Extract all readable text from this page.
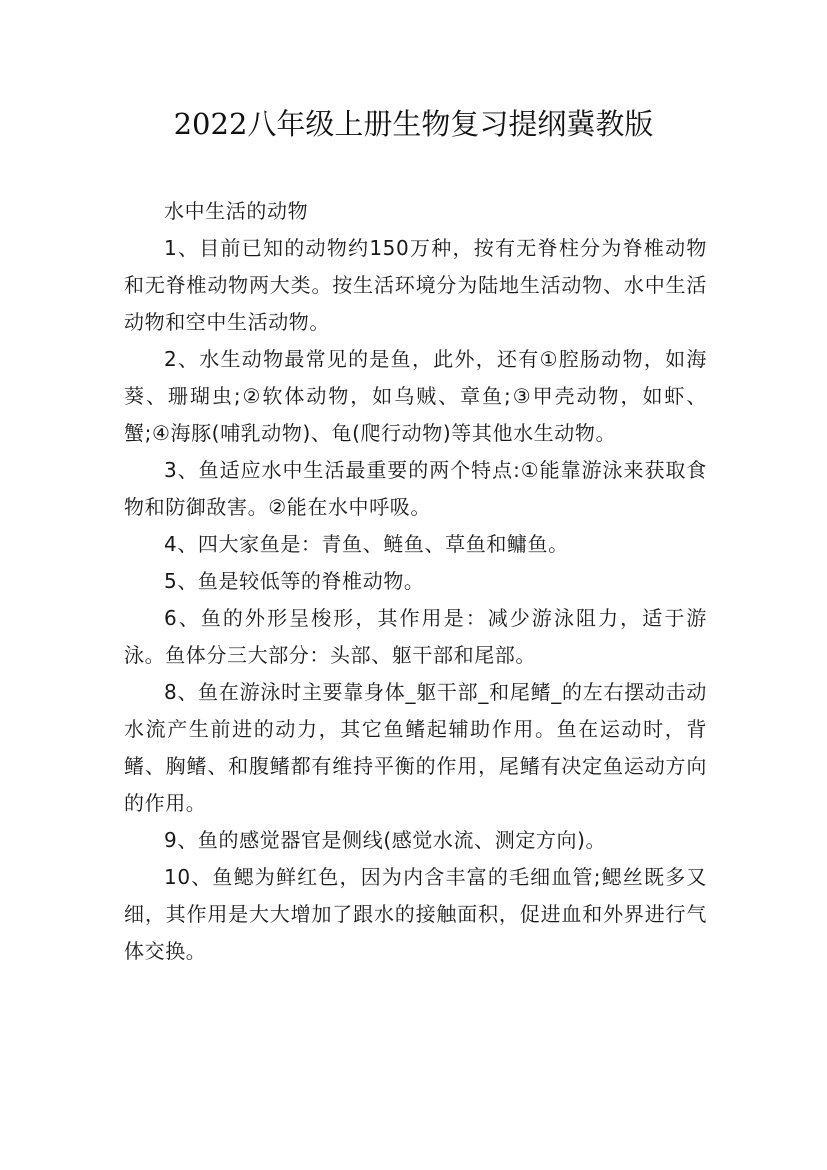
2022八年级上册生物复习提纲冀教版

水中生活的动物

1、目前已知的动物约150万种，按有无脊柱分为脊椎动物和无脊椎动物两大类。按生活环境分为陆地生活动物、水中生活动物和空中生活动物。

2、水生动物最常见的是鱼，此外，还有①腔肠动物，如海葵、珊瑚虫;②软体动物，如乌贼、章鱼;③甲壳动物，如虾、蟹;④海豚(哺乳动物)、龟(爬行动物)等其他水生动物。

3、鱼适应水中生活最重要的两个特点:①能靠游泳来获取食物和防御敌害。②能在水中呼吸。

4、四大家鱼是：青鱼、鲢鱼、草鱼和鳙鱼。

5、鱼是较低等的脊椎动物。

6、鱼的外形呈梭形，其作用是：减少游泳阻力，适于游泳。鱼体分三大部分：头部、躯干部和尾部。

8、鱼在游泳时主要靠身体_躯干部_和尾鳍_的左右摆动击动水流产生前进的动力，其它鱼鳍起辅助作用。鱼在运动时，背鳍、胸鳍、和腹鳍都有维持平衡的作用，尾鳍有决定鱼运动方向的作用。

9、鱼的感觉器官是侧线(感觉水流、测定方向)。

10、鱼鳃为鲜红色，因为内含丰富的毛细血管;鳃丝既多又细，其作用是大大增加了跟水的接触面积，促进血和外界进行气体交换。
